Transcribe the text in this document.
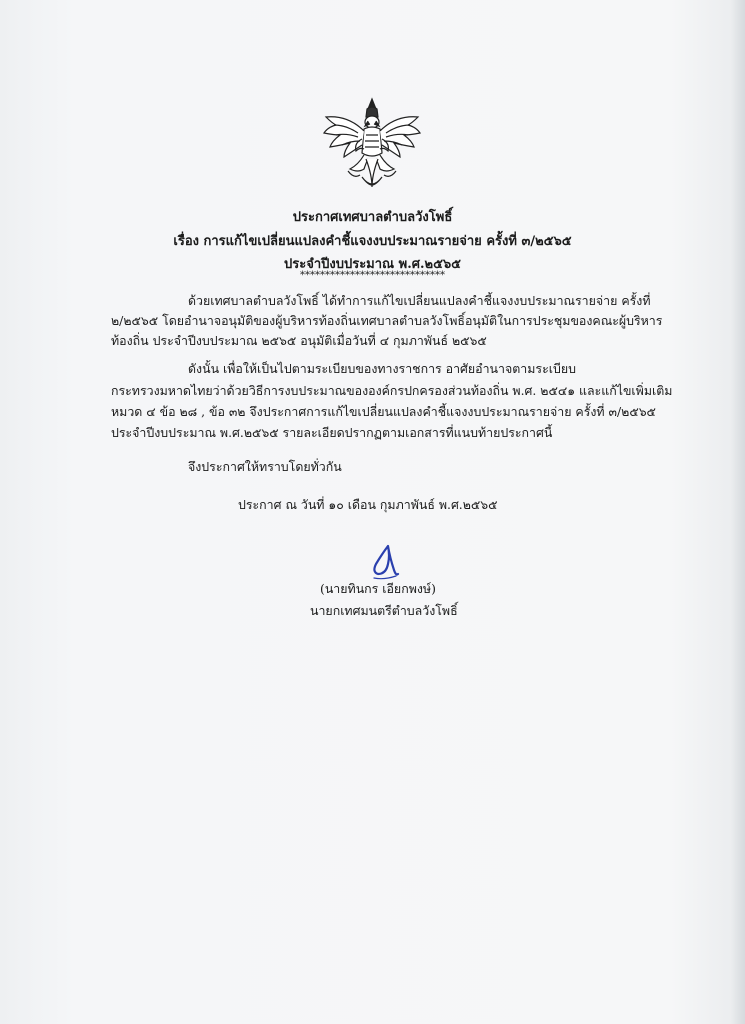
ประกาศเทศบาลตำบลวังโพธิ์
เรื่อง การแก้ไขเปลี่ยนแปลงคำชี้แจงงบประมาณรายจ่าย ครั้งที่ ๓/๒๕๖๕
ประจำปีงบประมาณ พ.ศ.๒๕๖๕
*****************************
ด้วยเทศบาลตำบลวังโพธิ์ ได้ทำการแก้ไขเปลี่ยนแปลงคำชี้แจงงบประมาณรายจ่าย ครั้งที่
๒/๒๕๖๕ โดยอำนาจอนุมัติของผู้บริหารท้องถิ่นเทศบาลตำบลวังโพธิ์อนุมัติในการประชุมของคณะผู้บริหาร
ท้องถิ่น ประจำปีงบประมาณ ๒๕๖๕ อนุมัติเมื่อวันที่ ๔ กุมภาพันธ์ ๒๕๖๕
ดังนั้น เพื่อให้เป็นไปตามระเบียบของทางราชการ อาศัยอำนาจตามระเบียบ
กระทรวงมหาดไทยว่าด้วยวิธีการงบประมาณขององค์กรปกครองส่วนท้องถิ่น พ.ศ. ๒๕๔๑ และแก้ไขเพิ่มเติม
หมวด ๔ ข้อ ๒๘ , ข้อ ๓๒ จึงประกาศการแก้ไขเปลี่ยนแปลงคำชี้แจงงบประมาณรายจ่าย ครั้งที่ ๓/๒๕๖๕
ประจำปีงบประมาณ พ.ศ.๒๕๖๕ รายละเอียดปรากฏตามเอกสารที่แนบท้ายประกาศนี้
จึงประกาศให้ทราบโดยทั่วกัน
ประกาศ ณ วันที่ ๑๐ เดือน กุมภาพันธ์ พ.ศ.๒๕๖๕
(นายทินกร เอียกพงษ์)
นายกเทศมนตรีตำบลวังโพธิ์
